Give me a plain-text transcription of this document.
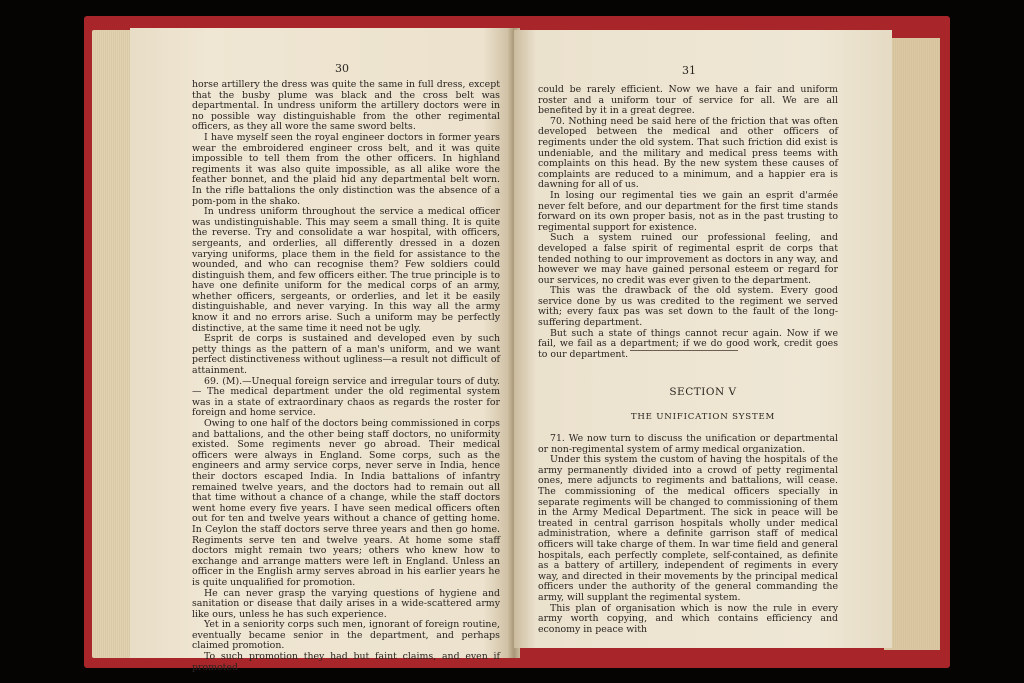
30

horse artillery the dress was quite the same in full dress, except that the busby plume was black and the cross belt was departmental. In undress uniform the artillery doctors were in no possible way distinguishable from the other regimental officers, as they all wore the same sword belts.

I have myself seen the royal engineer doctors in former years wear the embroidered engineer cross belt, and it was quite impossible to tell them from the other officers. In highland regiments it was also quite impossible, as all alike wore the feather bonnet, and the plaid hid any departmental belt worn. In the rifle battalions the only distinction was the absence of a pom-pom in the shako.

In undress uniform throughout the service a medical officer was undistinguishable. This may seem a small thing. It is quite the reverse. Try and consolidate a war hospital, with officers, sergeants, and orderlies, all differently dressed in a dozen varying uniforms, place them in the field for assistance to the wounded, and who can recognise them? Few soldiers could distinguish them, and few officers either. The true principle is to have one definite uniform for the medical corps of an army, whether officers, sergeants, or orderlies, and let it be easily distinguishable, and never varying. In this way all the army know it and no errors arise. Such a uniform may be perfectly distinctive, at the same time it need not be ugly.

Esprit de corps is sustained and developed even by such petty things as the pattern of a man's uniform, and we want perfect distinctiveness without ugliness—a result not difficult of attainment.

69. (M).—Unequal foreign service and irregular tours of duty.— The medical department under the old regimental system was in a state of extraordinary chaos as regards the roster for foreign and home service.

Owing to one half of the doctors being commissioned in corps and battalions, and the other being staff doctors, no uniformity existed. Some regiments never go abroad. Their medical officers were always in England. Some corps, such as the engineers and army service corps, never serve in India, hence their doctors escaped India. In India battalions of infantry remained twelve years, and the doctors had to remain out all that time without a chance of a change, while the staff doctors went home every five years. I have seen medical officers often out for ten and twelve years without a chance of getting home. In Ceylon the staff doctors serve three years and then go home. Regiments serve ten and twelve years. At home some staff doctors might remain two years; others who knew how to exchange and arrange matters were left in England. Unless an officer in the English army serves abroad in his earlier years he is quite unqualified for promotion.

He can never grasp the varying questions of hygiene and sanitation or disease that daily arises in a wide-scattered army like ours, unless he has such experience.

Yet in a seniority corps such men, ignorant of foreign routine, eventually became senior in the department, and perhaps claimed promotion.

To such promotion they had but faint claims, and even if promoted

31

could be rarely efficient. Now we have a fair and uniform roster and a uniform tour of service for all. We are all benefited by it in a great degree.

70. Nothing need be said here of the friction that was often developed between the medical and other officers of regiments under the old system. That such friction did exist is undeniable, and the military and medical press teems with complaints on this head. By the new system these causes of complaints are reduced to a minimum, and a happier era is dawning for all of us.

In losing our regimental ties we gain an esprit d'armée never felt before, and our department for the first time stands forward on its own proper basis, not as in the past trusting to regimental support for existence.

Such a system ruined our professional feeling, and developed a false spirit of regimental esprit de corps that tended nothing to our improvement as doctors in any way, and however we may have gained personal esteem or regard for our services, no credit was ever given to the department.

This was the drawback of the old system. Every good service done by us was credited to the regiment we served with; every faux pas was set down to the fault of the long-suffering department.

But such a state of things cannot recur again. Now if we fail, we fail as a department; if we do good work, credit goes to our department.

SECTION V
THE UNIFICATION SYSTEM

71. We now turn to discuss the unification or departmental or non-regimental system of army medical organization.

Under this system the custom of having the hospitals of the army permanently divided into a crowd of petty regimental ones, mere adjuncts to regiments and battalions, will cease. The commissioning of the medical officers specially in separate regiments will be changed to commissioning of them in the Army Medical Department. The sick in peace will be treated in central garrison hospitals wholly under medical administration, where a definite garrison staff of medical officers will take charge of them. In war time field and general hospitals, each perfectly complete, self-contained, as definite as a battery of artillery, independent of regiments in every way, and directed in their movements by the principal medical officers under the authority of the general commanding the army, will supplant the regimental system.

This plan of organisation which is now the rule in every army worth copying, and which contains efficiency and economy in peace with
